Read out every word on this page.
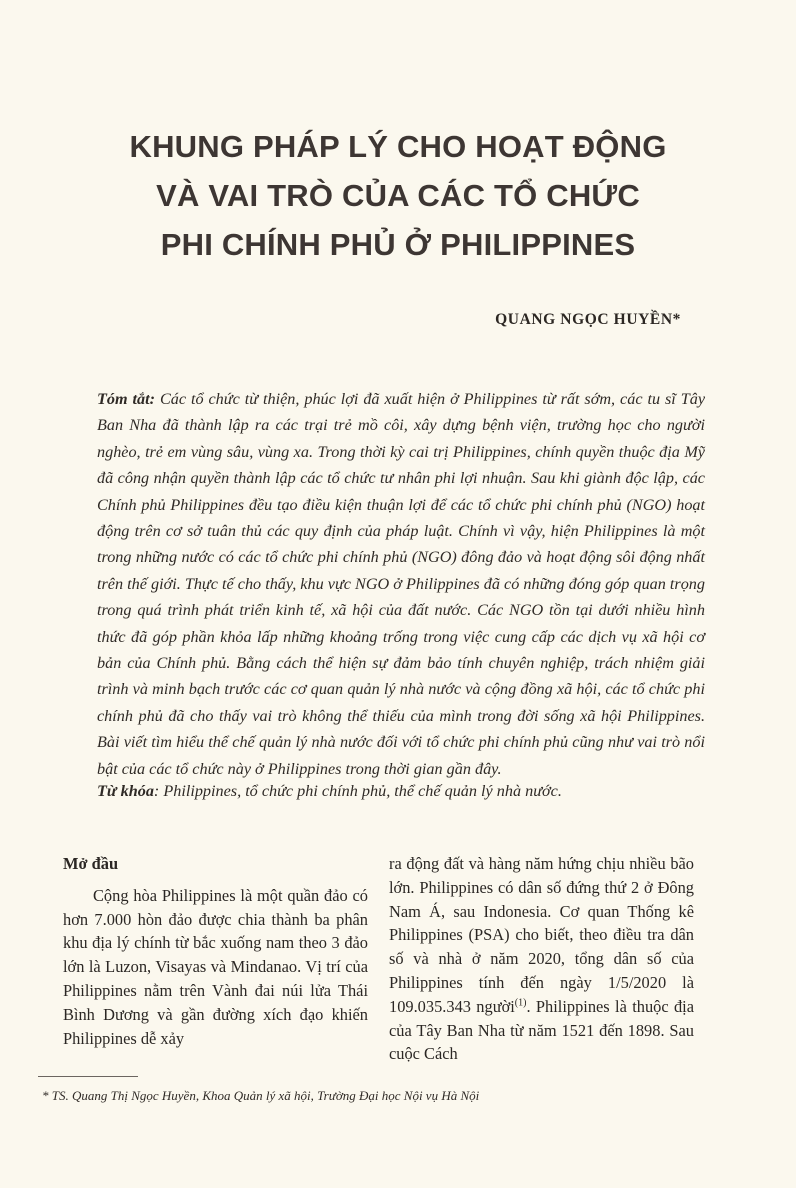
KHUNG PHÁP LÝ CHO HOẠT ĐỘNG
VÀ VAI TRÒ CỦA CÁC TỔ CHỨC
PHI CHÍNH PHỦ Ở PHILIPPINES
QUANG NGỌC HUYỀN*
Tóm tắt: Các tổ chức từ thiện, phúc lợi đã xuất hiện ở Philippines từ rất sớm, các tu sĩ Tây Ban Nha đã thành lập ra các trại trẻ mồ côi, xây dựng bệnh viện, trường học cho người nghèo, trẻ em vùng sâu, vùng xa. Trong thời kỳ cai trị Philippines, chính quyền thuộc địa Mỹ đã công nhận quyền thành lập các tổ chức tư nhân phi lợi nhuận. Sau khi giành độc lập, các Chính phủ Philippines đều tạo điều kiện thuận lợi để các tổ chức phi chính phủ (NGO) hoạt động trên cơ sở tuân thủ các quy định của pháp luật. Chính vì vậy, hiện Philippines là một trong những nước có các tổ chức phi chính phủ (NGO) đông đảo và hoạt động sôi động nhất trên thế giới. Thực tế cho thấy, khu vực NGO ở Philippines đã có những đóng góp quan trọng trong quá trình phát triển kinh tế, xã hội của đất nước. Các NGO tồn tại dưới nhiều hình thức đã góp phần khỏa lấp những khoảng trống trong việc cung cấp các dịch vụ xã hội cơ bản của Chính phủ. Bằng cách thể hiện sự đảm bảo tính chuyên nghiệp, trách nhiệm giải trình và minh bạch trước các cơ quan quản lý nhà nước và cộng đồng xã hội, các tổ chức phi chính phủ đã cho thấy vai trò không thể thiếu của mình trong đời sống xã hội Philippines. Bài viết tìm hiểu thể chế quản lý nhà nước đối với tổ chức phi chính phủ cũng như vai trò nổi bật của các tổ chức này ở Philippines trong thời gian gần đây.
Từ khóa: Philippines, tổ chức phi chính phủ, thể chế quản lý nhà nước.
Mở đầu
Cộng hòa Philippines là một quần đảo có hơn 7.000 hòn đảo được chia thành ba phân khu địa lý chính từ bắc xuống nam theo 3 đảo lớn là Luzon, Visayas và Mindanao. Vị trí của Philippines nằm trên Vành đai núi lửa Thái Bình Dương và gần đường xích đạo khiến Philippines dễ xảy
ra động đất và hàng năm hứng chịu nhiều bão lớn. Philippines có dân số đứng thứ 2 ở Đông Nam Á, sau Indonesia. Cơ quan Thống kê Philippines (PSA) cho biết, theo điều tra dân số và nhà ở năm 2020, tổng dân số của Philippines tính đến ngày 1/5/2020 là 109.035.343 người$^{(1)}$. Philippines là thuộc địa của Tây Ban Nha từ năm 1521 đến 1898. Sau cuộc Cách
* TS. Quang Thị Ngọc Huyền, Khoa Quản lý xã hội, Trường Đại học Nội vụ Hà Nội
